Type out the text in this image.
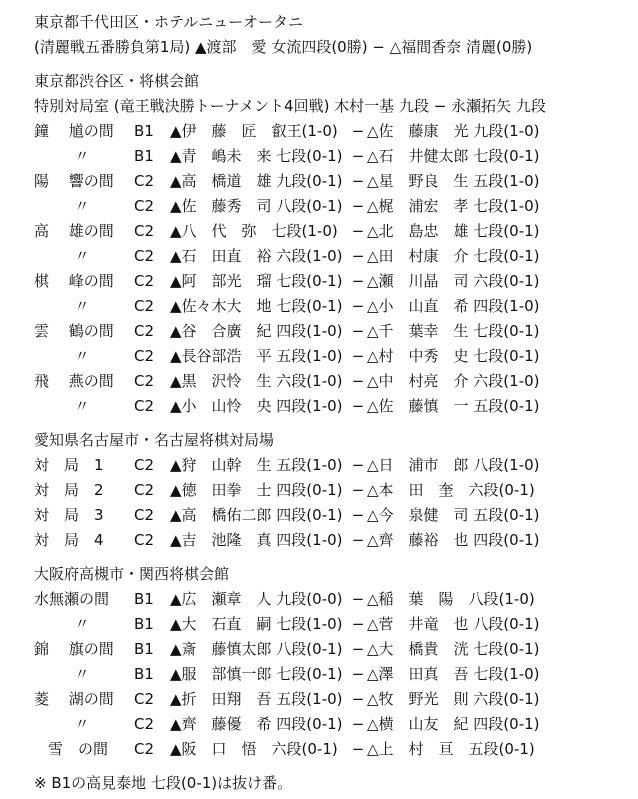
東京都千代田区・ホテルニューオータニ
(清麗戦五番勝負第1局) ▲渡部　愛 女流四段(0勝) − △福間香奈 清麗(0勝)
東京都渋谷区・将棋会館
特別対局室 (竜王戦決勝トーナメント4回戦) 木村一基 九段 − 永瀬拓矢 九段
鐘　 馗の間	B1	▲伊　藤　匠　叡王(1-0) − △佐　藤康　光 九段(1-0)
〃	B1	▲青　嶋未　来 七段(0-1) − △石　井健太郎 七段(0-1)
陽　 響の間	C2	▲高　橋道　雄 九段(0-1) − △星　野良　生 五段(1-0)
〃	C2	▲佐　藤秀　司 八段(0-1) − △梶　浦宏　孝 七段(1-0)
高　 雄の間	C2	▲八　代　弥　七段(1-0) − △北　島忠　雄 七段(0-1)
〃	C2	▲石　田直　裕 六段(1-0) − △田　村康　介 七段(0-1)
棋　 峰の間	C2	▲阿　部光　瑠 七段(0-1) − △瀬　川晶　司 六段(0-1)
〃	C2	▲佐々木大　地 七段(0-1) − △小　山直　希 四段(1-0)
雲　 鶴の間	C2	▲谷　合廣　紀 四段(1-0) − △千　葉幸　生 七段(0-1)
〃	C2	▲長谷部浩　平 五段(1-0) − △村　中秀　史 七段(0-1)
飛　 燕の間	C2	▲黒　沢怜　生 六段(1-0) − △中　村亮　介 六段(1-0)
〃	C2	▲小　山怜　央 四段(1-0) − △佐　藤慎　一 五段(0-1)
愛知県名古屋市・名古屋将棋対局場
対　局　1	C2	▲狩　山幹　生 五段(1-0) − △日　浦市　郎 八段(1-0)
対　局　2	C2	▲徳　田拳　士 四段(0-1) − △本　田　奎　六段(0-1)
対　局　3	C2	▲高　橋佑二郎 四段(0-1) − △今　泉健　司 五段(0-1)
対　局　4	C2	▲吉　池隆　真 四段(1-0) − △齊　藤裕　也 四段(0-1)
大阪府高槻市・関西将棋会館
水無瀬の間	B1	▲広　瀬章　人 九段(0-0) − △稲　葉　陽　八段(1-0)
〃	B1	▲大　石直　嗣 七段(1-0) − △菅　井竜　也 八段(0-1)
錦　 旗の間	B1	▲斎　藤慎太郎 八段(0-1) − △大　橋貴　洸 七段(0-1)
〃	B1	▲服　部慎一郎 七段(0-1) − △澤　田真　吾 七段(1-0)
菱　 湖の間	C2	▲折　田翔　吾 五段(1-0) − △牧　野光　則 六段(0-1)
〃	C2	▲齊　藤優　希 四段(0-1) − △横　山友　紀 四段(0-1)
雪　の間	C2	▲阪　口　悟　六段(0-1) − △上　村　亘　五段(0-1)
※ B1の高見泰地 七段(0-1)は抜け番。
